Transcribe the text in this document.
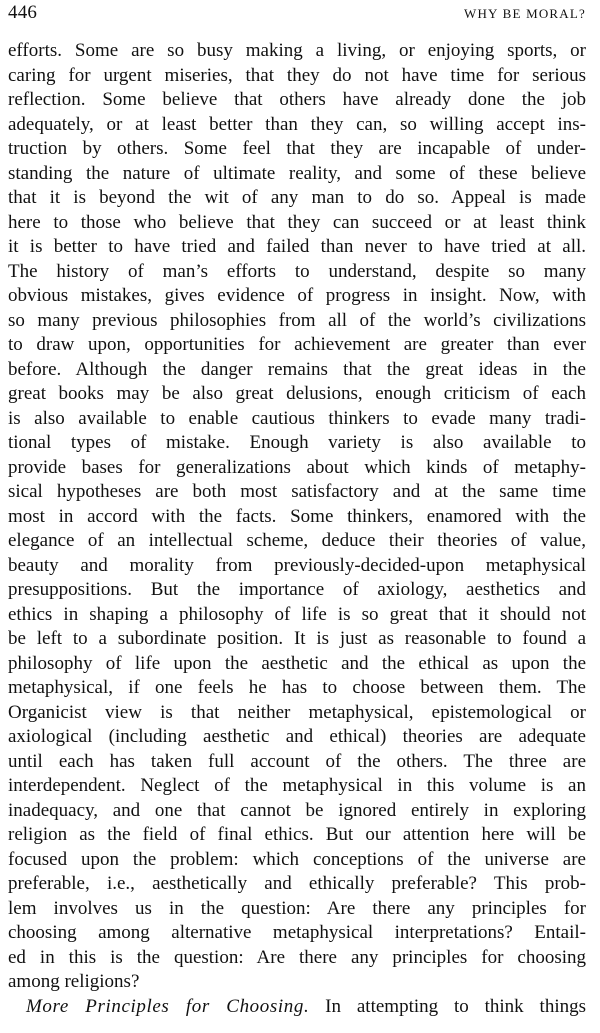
446	WHY BE MORAL?
efforts. Some are so busy making a living, or enjoying sports, or
caring for urgent miseries, that they do not have time for serious
reflection. Some believe that others have already done the job
adequately, or at least better than they can, so willing accept ins-
truction by others. Some feel that they are incapable of under-
standing the nature of ultimate reality, and some of these believe
that it is beyond the wit of any man to do so. Appeal is made
here to those who believe that they can succeed or at least think
it is better to have tried and failed than never to have tried at all.
The history of man’s efforts to understand, despite so many
obvious mistakes, gives evidence of progress in insight. Now, with
so many previous philosophies from all of the world’s civilizations
to draw upon, opportunities for achievement are greater than ever
before. Although the danger remains that the great ideas in the
great books may be also great delusions, enough criticism of each
is also available to enable cautious thinkers to evade many tradi-
tional types of mistake. Enough variety is also available to
provide bases for generalizations about which kinds of metaphy-
sical hypotheses are both most satisfactory and at the same time
most in accord with the facts. Some thinkers, enamored with the
elegance of an intellectual scheme, deduce their theories of value,
beauty and morality from previously-decided-upon metaphysical
presuppositions. But the importance of axiology, aesthetics and
ethics in shaping a philosophy of life is so great that it should not
be left to a subordinate position. It is just as reasonable to found a
philosophy of life upon the aesthetic and the ethical as upon the
metaphysical, if one feels he has to choose between them. The
Organicist view is that neither metaphysical, epistemological or
axiological (including aesthetic and ethical) theories are adequate
until each has taken full account of the others. The three are
interdependent. Neglect of the metaphysical in this volume is an
inadequacy, and one that cannot be ignored entirely in exploring
religion as the field of final ethics. But our attention here will be
focused upon the problem: which conceptions of the universe are
preferable, i.e., aesthetically and ethically preferable? This prob-
lem involves us in the question: Are there any principles for
choosing among alternative metaphysical interpretations? Entail-
ed in this is the question: Are there any principles for choosing
among religions?
More Principles for Choosing. In attempting to think things
